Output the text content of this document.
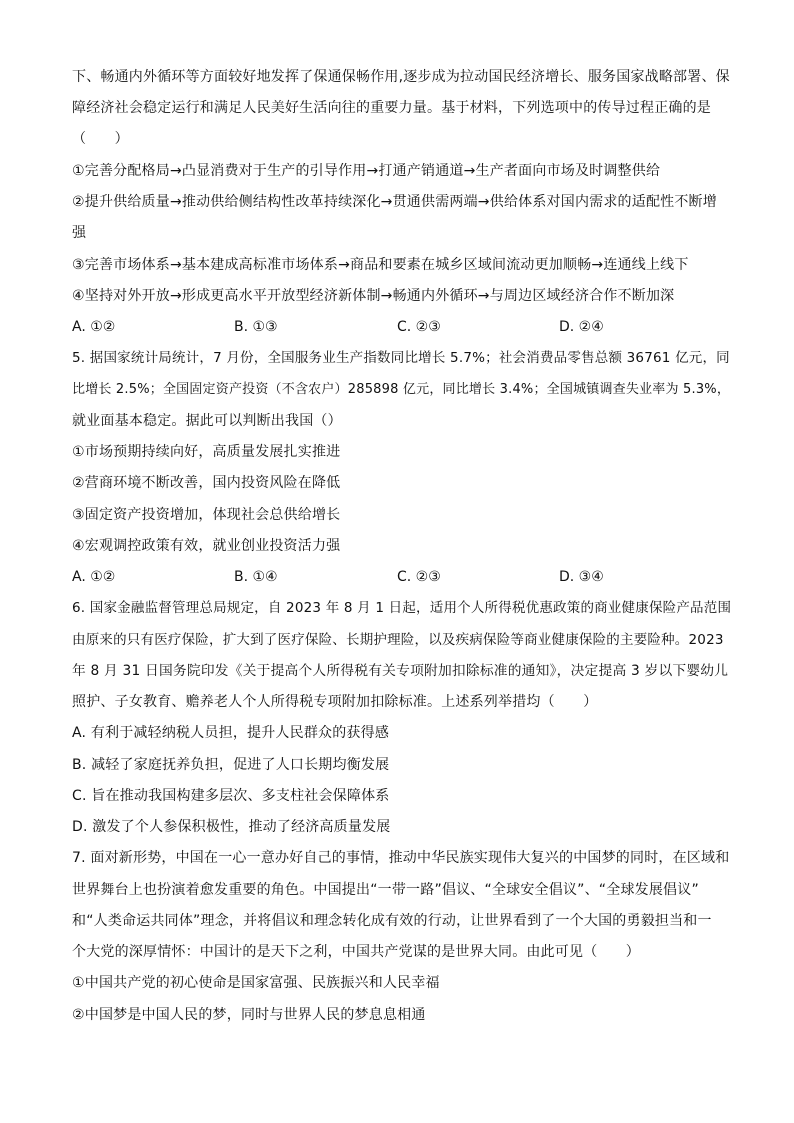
下、畅通内外循环等方面较好地发挥了保通保畅作用,逐步成为拉动国民经济增长、服务国家战略部署、保
障经济社会稳定运行和满足人民美好生活向往的重要力量。基于材料，下列选项中的传导过程正确的是
（　　）
①完善分配格局→凸显消费对于生产的引导作用→打通产销通道→生产者面向市场及时调整供给
②提升供给质量→推动供给侧结构性改革持续深化→贯通供需两端→供给体系对国内需求的适配性不断增
强
③完善市场体系→基本建成高标准市场体系→商品和要素在城乡区域间流动更加顺畅→连通线上线下
④坚持对外开放→形成更高水平开放型经济新体制→畅通内外循环→与周边区域经济合作不断加深
A. ①②	B. ①③	C. ②③	D. ②④
5. 据国家统计局统计，7 月份，全国服务业生产指数同比增长 5.7%；社会消费品零售总额 36761 亿元，同
比增长 2.5%；全国固定资产投资（不含农户）285898 亿元，同比增长 3.4%；全国城镇调查失业率为 5.3%，
就业面基本稳定。据此可以判断出我国（）
①市场预期持续向好，高质量发展扎实推进
②营商环境不断改善，国内投资风险在降低
③固定资产投资增加，体现社会总供给增长
④宏观调控政策有效，就业创业投资活力强
A. ①②	B. ①④	C. ②③	D. ③④
6. 国家金融监督管理总局规定，自 2023 年 8 月 1 日起，适用个人所得税优惠政策的商业健康保险产品范围
由原来的只有医疗保险，扩大到了医疗保险、长期护理险，以及疾病保险等商业健康保险的主要险种。2023
年 8 月 31 日国务院印发《关于提高个人所得税有关专项附加扣除标准的通知》，决定提高 3 岁以下婴幼儿
照护、子女教育、赡养老人个人所得税专项附加扣除标准。上述系列举措均（　　）
A. 有利于减轻纳税人员担，提升人民群众的获得感
B. 减轻了家庭抚养负担，促进了人口长期均衡发展
C. 旨在推动我国构建多层次、多支柱社会保障体系
D. 激发了个人参保积极性，推动了经济高质量发展
7. 面对新形势，中国在一心一意办好自己的事情，推动中华民族实现伟大复兴的中国梦的同时，在区域和
世界舞台上也扮演着愈发重要的角色。中国提出“一带一路”倡议、“全球安全倡议”、“全球发展倡议”
和“人类命运共同体”理念，并将倡议和理念转化成有效的行动，让世界看到了一个大国的勇毅担当和一
个大党的深厚情怀：中国计的是天下之利，中国共产党谋的是世界大同。由此可见（　　）
①中国共产党的初心使命是国家富强、民族振兴和人民幸福
②中国梦是中国人民的梦，同时与世界人民的梦息息相通
